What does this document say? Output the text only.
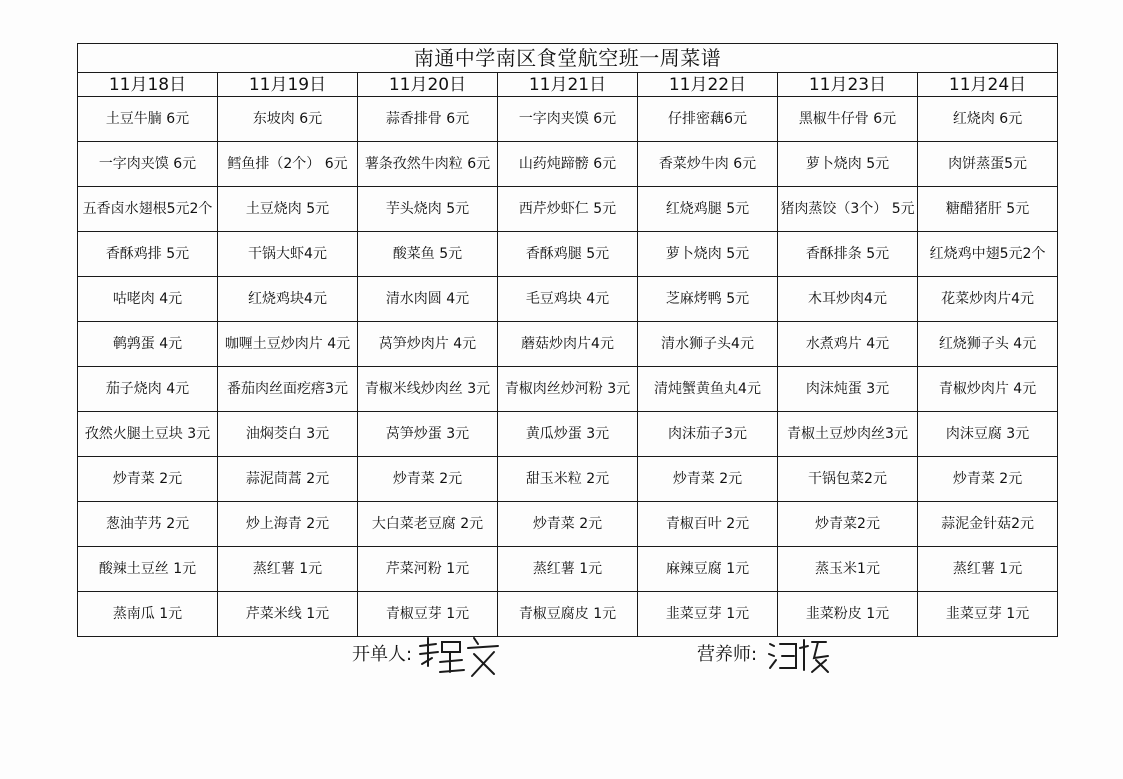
南通中学南区食堂航空班一周菜谱						
11月18日	11月19日	11月20日	11月21日	11月22日	11月23日	11月24日
土豆牛腩 6元	东坡肉 6元	蒜香排骨 6元	一字肉夹馍 6元	仔排密藕6元	黑椒牛仔骨 6元	红烧肉 6元
一字肉夹馍 6元	鳕鱼排（2个） 6元	薯条孜然牛肉粒 6元	山药炖蹄髈 6元	香菜炒牛肉 6元	萝卜烧肉 5元	肉饼蒸蛋5元
五香卤水翅根5元2个	土豆烧肉 5元	芋头烧肉 5元	西芹炒虾仁 5元	红烧鸡腿 5元	猪肉蒸饺（3个） 5元	糖醋猪肝 5元
香酥鸡排 5元	干锅大虾4元	酸菜鱼 5元	香酥鸡腿 5元	萝卜烧肉 5元	香酥排条 5元	红烧鸡中翅5元2个
咕咾肉 4元	红烧鸡块4元	清水肉圆 4元	毛豆鸡块 4元	芝麻烤鸭 5元	木耳炒肉4元	花菜炒肉片4元
鹌鹑蛋 4元	咖喱土豆炒肉片 4元	莴笋炒肉片 4元	蘑菇炒肉片4元	清水狮子头4元	水煮鸡片 4元	红烧狮子头 4元
茄子烧肉 4元	番茄肉丝面疙瘩3元	青椒米线炒肉丝 3元	青椒肉丝炒河粉 3元	清炖蟹黄鱼丸4元	肉沫炖蛋 3元	青椒炒肉片 4元
孜然火腿土豆块 3元	油焖茭白 3元	莴笋炒蛋 3元	黄瓜炒蛋 3元	肉沫茄子3元	青椒土豆炒肉丝3元	肉沫豆腐 3元
炒青菜 2元	蒜泥茼蒿 2元	炒青菜 2元	甜玉米粒 2元	炒青菜 2元	干锅包菜2元	炒青菜 2元
葱油芋艿 2元	炒上海青 2元	大白菜老豆腐 2元	炒青菜 2元	青椒百叶 2元	炒青菜2元	蒜泥金针菇2元
酸辣土豆丝 1元	蒸红薯 1元	芹菜河粉 1元	蒸红薯 1元	麻辣豆腐 1元	蒸玉米1元	蒸红薯 1元
蒸南瓜 1元	芹菜米线 1元	青椒豆芽 1元	青椒豆腐皮 1元	韭菜豆芽 1元	韭菜粉皮 1元	韭菜豆芽 1元
开单人:	营养师:
